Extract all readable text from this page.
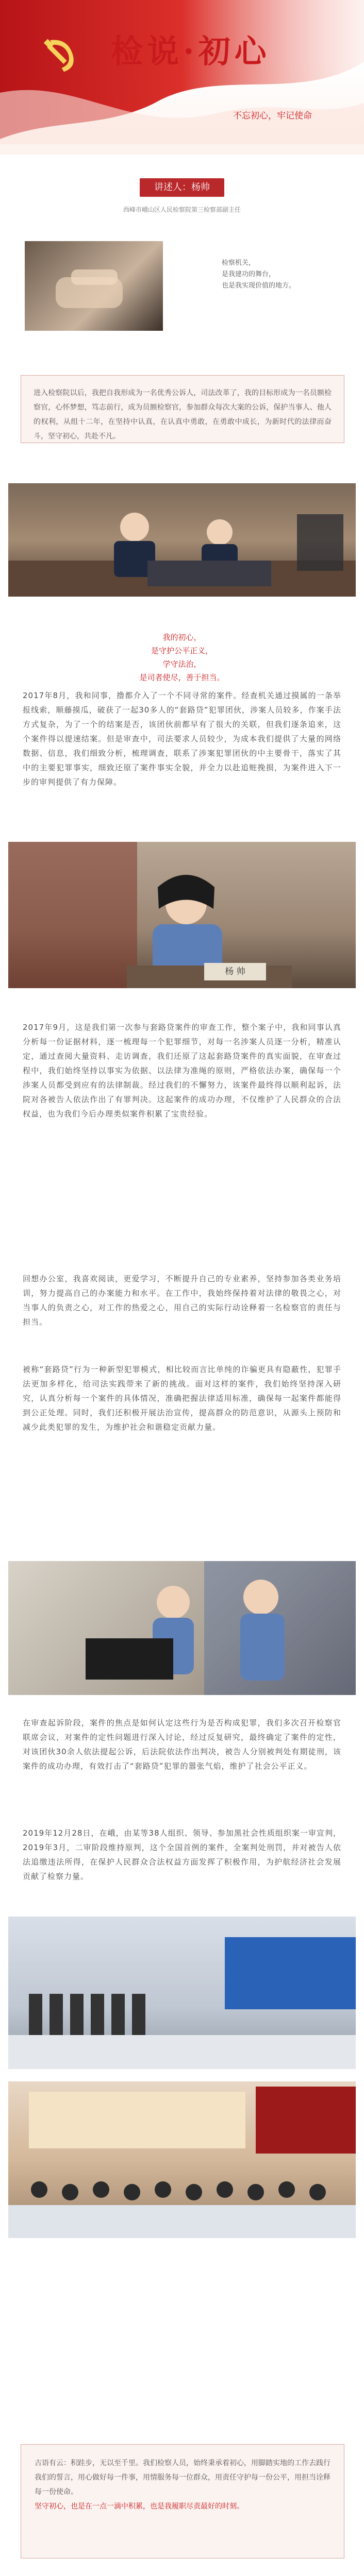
检说·初心
不忘初心，牢记使命
讲述人：杨帅
西峰市峨山区人民检察院第三检察部副主任

检察机关，

是我建功的舞台，

也是我实现价值的地方。

进入检察院以后，我把自我形成为一名优秀公诉人，司法改革了，我的目标形成为一名员额检察官，心怀梦想，笃志前行，成为员额检察官，参加群众每次大案的公诉，保护当事人、他人的权利，从组十二年，在坚持中认真，在认真中勇敢，在勇敢中成长，为新时代的法律而奋斗，坚守初心，共赴不凡。

我的初心，

是守护公平正义，

学守法治，

是司者使尽，善于担当。

2017年8月，我和同事，撸都介入了一个不同寻常的案件。经查机关通过摸属的一条举报线索，顺藤摸瓜，破获了一起30多人的“套路贷”犯罪团伙，涉案人员较多，作案手法方式复杂，为了一个的结案是否，该团伙前都早有了很大的关联，但我们逐条追来，这个案件得以提速结案。但是审查中，司法要求人员较少，为成本我们提供了大量的网络数据、信息，我们细致分析，梳理调查，联系了涉案犯罪团伙的中主要骨干，落实了其中的主要犯罪事实，细致还原了案件事实全貌，并全力以赴追赃挽损，为案件进入下一步的审判提供了有力保障。

杨 帅

2017年9月，这是我们第一次参与套路贷案件的审查工作，整个案子中，我和同事认真分析每一份证据材料，逐一梳理每一个犯罪细节，对每一名涉案人员逐一分析，精准认定，通过查阅大量资料、走访调查，我们还原了这起套路贷案件的真实面貌，在审查过程中，我们始终坚持以事实为依据、以法律为准绳的原则，严格依法办案，确保每一个涉案人员都受到应有的法律制裁。经过我们的不懈努力，该案件最终得以顺利起诉，法院对各被告人依法作出了有罪判决。这起案件的成功办理，不仅维护了人民群众的合法权益，也为我们今后办理类似案件积累了宝贵经验。

回想办公室，我喜欢阅读，更爱学习，不断提升自己的专业素养，坚持参加各类业务培训，努力提高自己的办案能力和水平。在工作中，我始终保持着对法律的敬畏之心，对当事人的负责之心，对工作的热爱之心，用自己的实际行动诠释着一名检察官的责任与担当。

被称“套路贷”行为一种新型犯罪模式，相比较而言比单纯的诈骗更具有隐蔽性，犯罪手法更加多样化，给司法实践带来了新的挑战。面对这样的案件，我们始终坚持深入研究，认真分析每一个案件的具体情况，准确把握法律适用标准，确保每一起案件都能得到公正处理。同时，我们还积极开展法治宣传，提高群众的防范意识，从源头上预防和减少此类犯罪的发生，为维护社会和谐稳定贡献力量。

在审查起诉阶段，案件的焦点是如何认定这些行为是否构成犯罪，我们多次召开检察官联席会议，对案件的定性问题进行深入讨论，经过反复研究，最终确定了案件的定性，对该团伙30余人依法提起公诉，后法院依法作出判决，被告人分别被判处有期徒刑，该案件的成功办理，有效打击了“套路贷”犯罪的嚣张气焰，维护了社会公平正义。

2019年12月28日，在峨，由某等38人组织、领导、参加黑社会性质组织案一审宣判，2019年3月，二审阶段维持原判，这个全国首例的案件，全案判处刑罚，并对被告人依法追缴违法所得，在保护人民群众合法权益方面发挥了积极作用，为护航经济社会发展贡献了检察力量。

古语有云：积跬步，无以至千里。我们检察人员，始终秉承着初心，用脚踏实地的工作去践行我们的誓言，用心做好每一件事，用情服务每一位群众，用责任守护每一份公平，用担当诠释每一份使命。

坚守初心，也是在一点一滴中积累，也是我履职尽责最好的时刻。
